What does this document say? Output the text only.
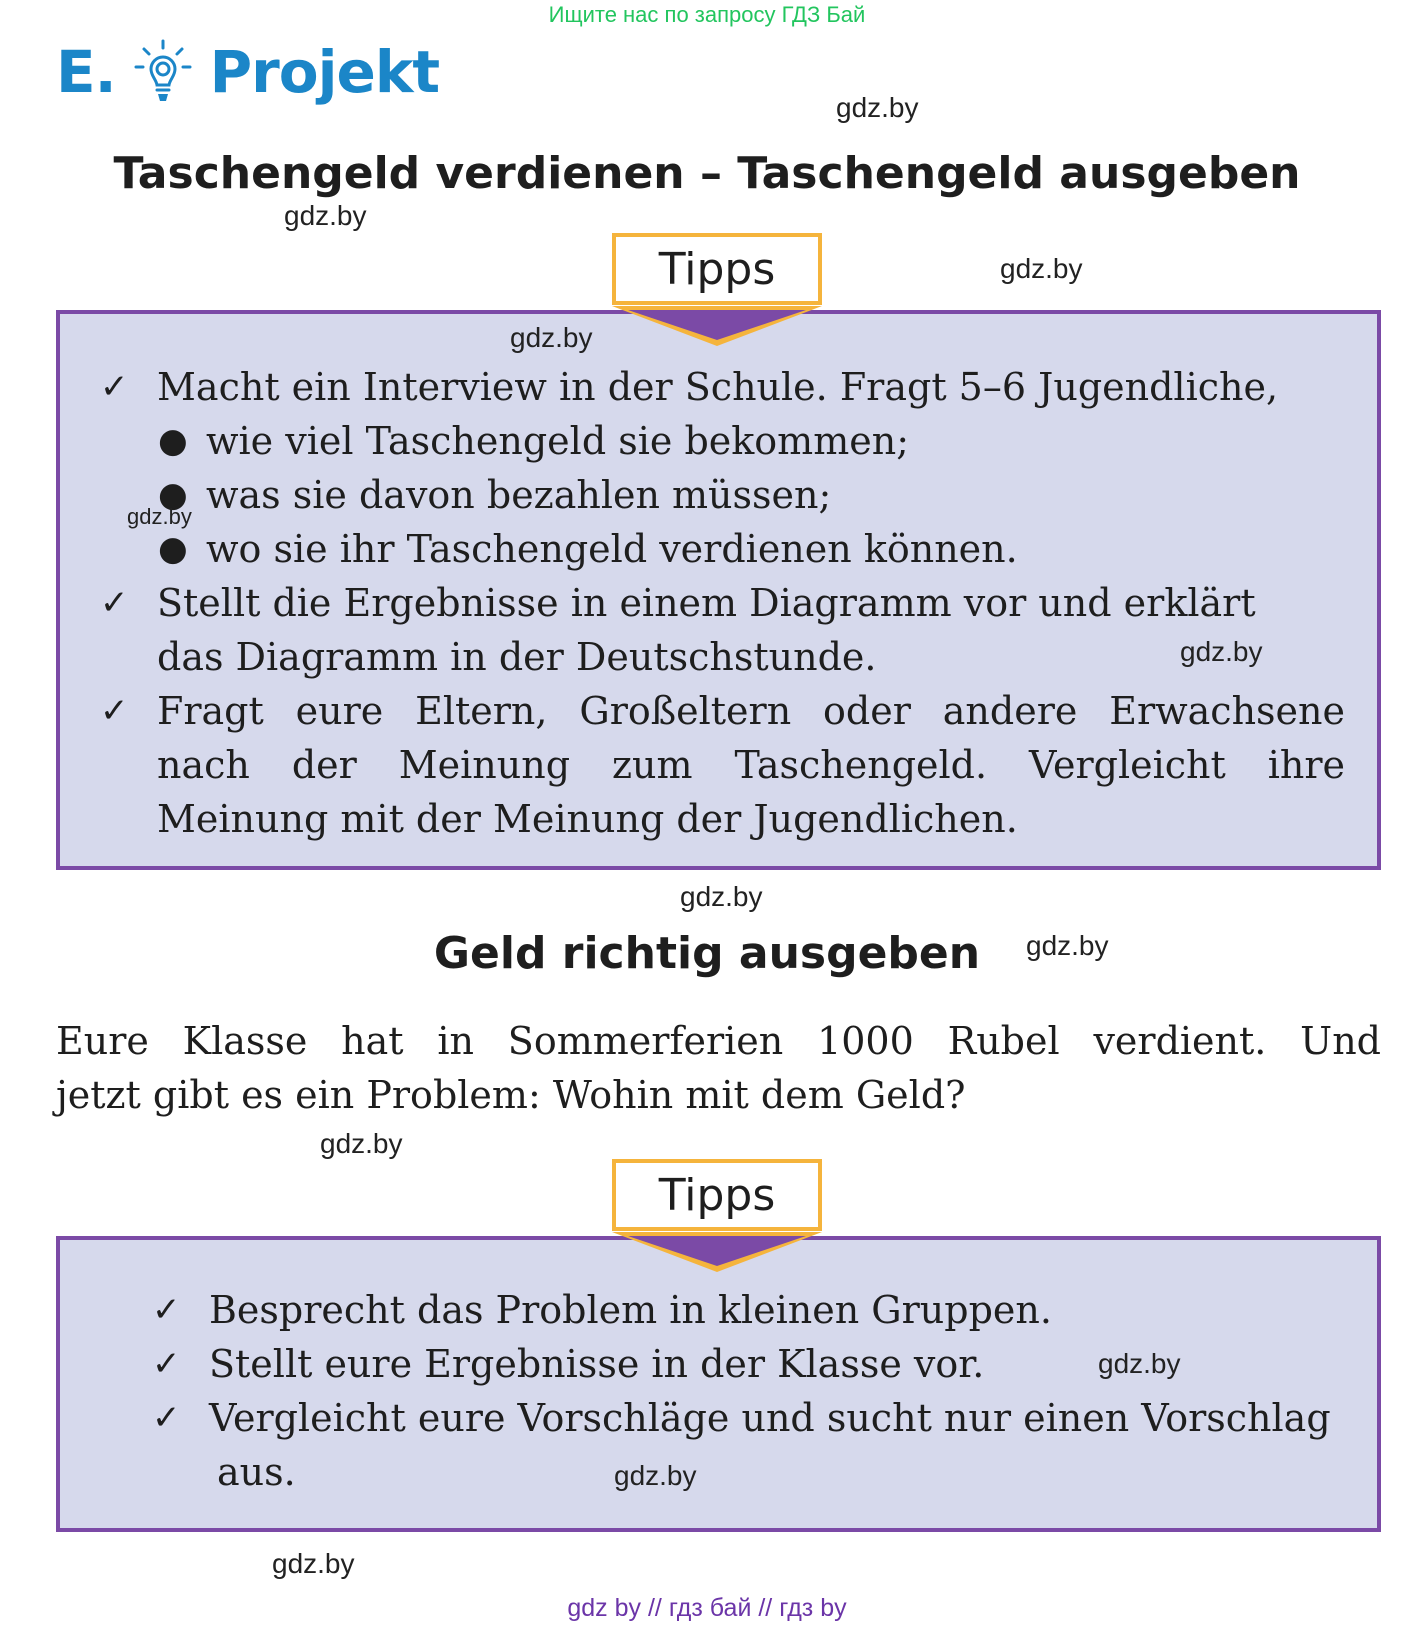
Ищите нас по запросу ГДЗ Бай
E. Projekt
gdz.by
Taschengeld verdienen – Taschengeld ausgeben
gdz.by
gdz.by
Tipps
gdz.by
✓ Macht ein Interview in der Schule. Fragt 5–6 Jugendliche,
● wie viel Taschengeld sie bekommen;
● was sie davon bezahlen müssen;
● wo sie ihr Taschengeld verdienen können.
✓ Stellt die Ergebnisse in einem Diagramm vor und erklärt
das Diagramm in der Deutschstunde.
✓ Fragt eure Eltern, Großeltern oder andere Erwachsene
nach der Meinung zum Taschengeld. Vergleicht ihre
Meinung mit der Meinung der Jugendlichen.
gdz.by
gdz.by
gdz.by
Geld richtig ausgeben	gdz.by
Eure Klasse hat in Sommerferien 1000 Rubel verdient. Und
jetzt gibt es ein Problem: Wohin mit dem Geld?
gdz.by
Tipps
✓ Besprecht das Problem in kleinen Gruppen.
✓ Stellt eure Ergebnisse in der Klasse vor.
✓ Vergleicht eure Vorschläge und sucht nur einen Vorschlag
aus.
gdz.by
gdz.by
gdz.by
gdz by // гдз бай // гдз by
